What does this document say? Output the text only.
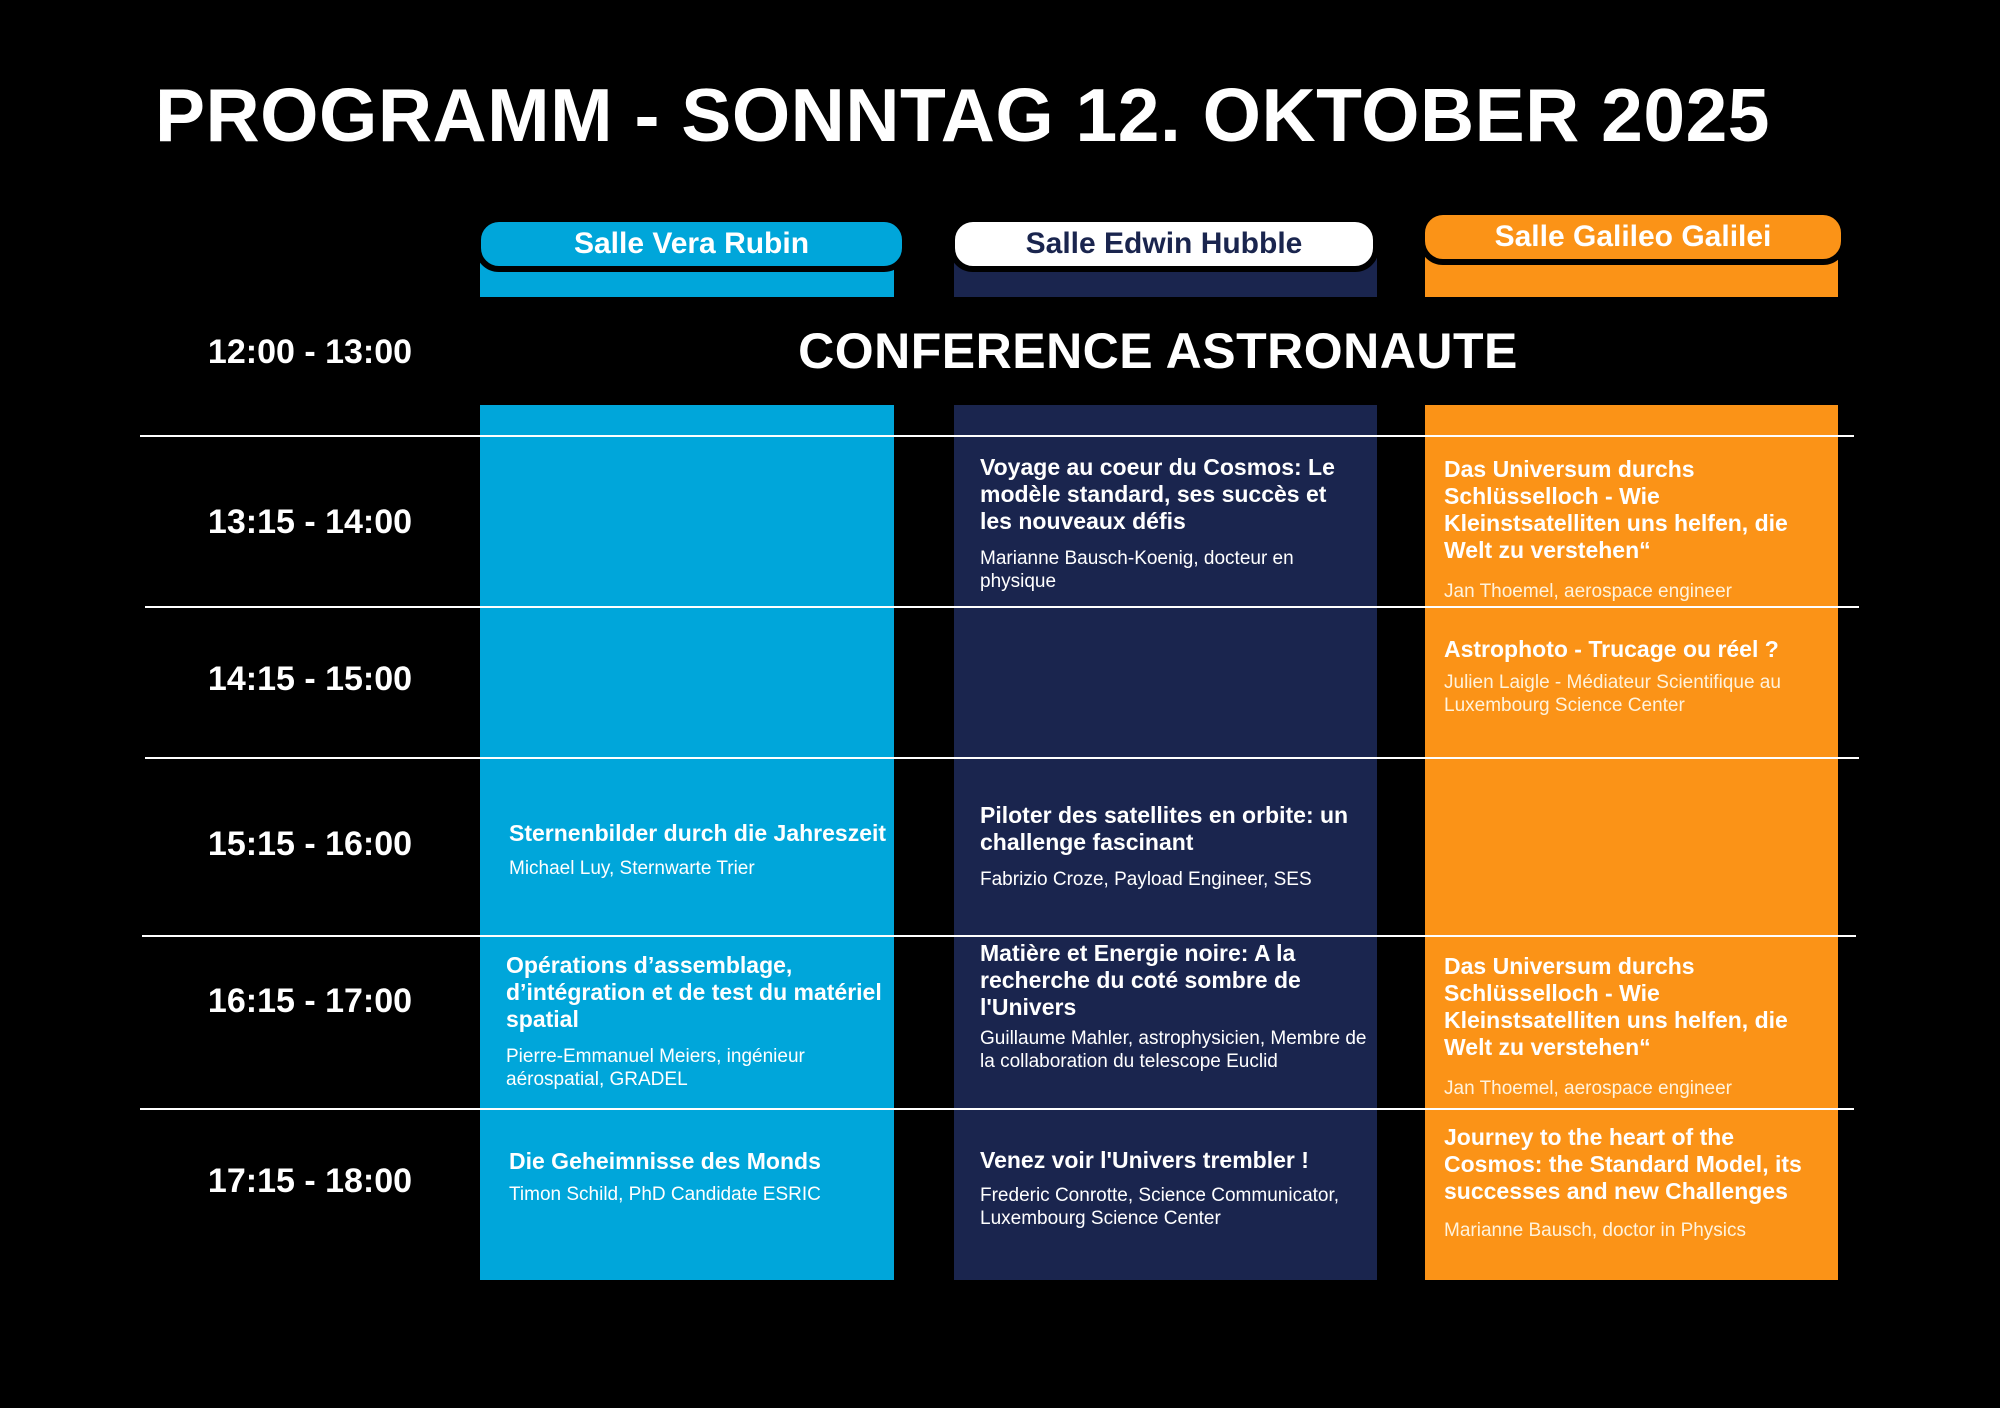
PROGRAMM - SONNTAG 12. OKTOBER 2025
Salle Vera Rubin	Salle Edwin Hubble	Salle Galileo Galilei
CONFERENCE ASTRONAUTE
12:00 - 13:00
13:15 - 14:00
14:15 - 15:00
15:15 - 16:00
16:15 - 17:00
17:15 - 18:00
Voyage au coeur du Cosmos: Le modèle standard, ses succès et les nouveaux défis
Marianne Bausch-Koenig, docteur en physique
Das Universum durchs Schlüsselloch - Wie Kleinstsatelliten uns helfen, die Welt zu verstehen“
Jan Thoemel, aerospace engineer
Astrophoto - Trucage ou réel ?
Julien Laigle - Médiateur Scientifique au Luxembourg Science Center
Sternenbilder durch die Jahreszeit
Michael Luy, Sternwarte Trier
Piloter des satellites en orbite: un challenge fascinant
Fabrizio Croze, Payload Engineer, SES
Opérations d’assemblage, d’intégration et de test du matériel spatial
Pierre-Emmanuel Meiers, ingénieur aérospatial, GRADEL
Matière et Energie noire: A la recherche du coté sombre de l'Univers
Guillaume Mahler, astrophysicien, Membre de la collaboration du telescope Euclid
Das Universum durchs Schlüsselloch - Wie Kleinstsatelliten uns helfen, die Welt zu verstehen“
Jan Thoemel, aerospace engineer
Die Geheimnisse des Monds
Timon Schild, PhD Candidate ESRIC
Venez voir l'Univers trembler !
Frederic Conrotte, Science Communicator, Luxembourg Science Center
Journey to the heart of the Cosmos: the Standard Model, its successes and new Challenges
Marianne Bausch, doctor in Physics
